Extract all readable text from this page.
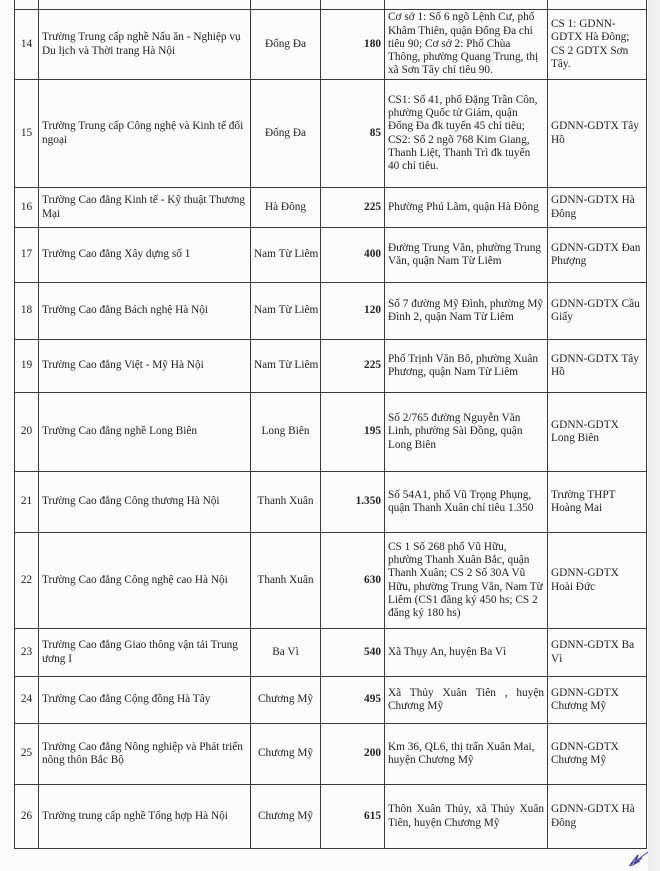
14	Trường Trung cấp nghề Nấu ăn - Nghiệp vụ Du lịch và Thời trang Hà Nội	Đống Đa	180	Cơ sở 1: Số 6 ngõ Lệnh Cư, phố Khâm Thiên, quận Đống Đa chỉ tiêu 90; Cơ sở 2: Phố Chùa Thông, phường Quang Trung, thị xã Sơn Tây chỉ tiêu 90.	CS 1: GDNN-GDTX Hà Đông; CS 2 GDTX Sơn Tây.
15	Trường Trung cấp Công nghệ và Kinh tế đối ngoại	Đống Đa	85	CS1: Số 41, phố Đặng Trần Côn, phường Quốc tử Giám, quận Đống Đa đk tuyển 45 chỉ tiêu; CS2: Số 2 ngõ 768 Kim Giang, Thanh Liệt, Thanh Trì đk tuyển 40 chỉ tiêu.	GDNN-GDTX Tây Hồ
16	Trường Cao đẳng Kinh tế - Kỹ thuật Thương Mại	Hà Đông	225	Phường Phú Lãm, quận Hà Đông	GDNN-GDTX Hà Đông
17	Trường Cao đẳng Xây dựng số 1	Nam Từ Liêm	400	Đường Trung Văn, phường Trung Văn, quận Nam Từ Liêm	GDNN-GDTX Đan Phượng
18	Trường Cao đẳng Bách nghệ Hà Nội	Nam Từ Liêm	120	Số 7 đường Mỹ Đình, phường Mỹ Đình 2, quận Nam Từ Liêm	GDNN-GDTX Cầu Giấy
19	Trường Cao đẳng Việt - Mỹ Hà Nội	Nam Từ Liêm	225	Phố Trịnh Văn Bô, phường Xuân Phương, quận Nam Từ Liêm	GDNN-GDTX Tây Hồ
20	Trường Cao đẳng nghề Long Biên	Long Biên	195	Số 2/765 đường Nguyễn Văn Linh, phường Sài Đồng, quận Long Biên	GDNN-GDTX Long Biên
21	Trường Cao đẳng Công thương Hà Nội	Thanh Xuân	1.350	Số 54A1, phố Vũ Trọng Phụng, quận Thanh Xuân chỉ tiêu 1.350	Trường THPT Hoàng Mai
22	Trường Cao đẳng Công nghệ cao Hà Nội	Thanh Xuân	630	CS 1 Số 268 phố Vũ Hữu, phường Thanh Xuân Bắc, quận Thanh Xuân; CS 2 Số 30A Vũ Hữu, phường Trung Văn, Nam Từ Liêm (CS1 đăng ký 450 hs; CS 2 đăng ký 180 hs)	GDNN-GDTX Hoài Đức
23	Trường Cao đẳng Giao thông vận tải Trung ương I	Ba Vì	540	Xã Thụy An, huyện Ba Vì	GDNN-GDTX Ba Vì
24	Trường Cao đẳng Cộng đồng Hà Tây	Chương Mỹ	495	Xã Thủy Xuân Tiên , huyện Chương Mỹ	GDNN-GDTX Chương Mỹ
25	Trường Cao đẳng Nông nghiệp và Phát triển nông thôn Bắc Bộ	Chương Mỹ	200	Km 36, QL6, thị trấn Xuân Mai, huyện Chương Mỹ	GDNN-GDTX Chương Mỹ
26	Trường trung cấp nghề Tổng hợp Hà Nội	Chương Mỹ	615	Thôn Xuân Thủy, xã Thủy Xuân Tiên, huyện Chương Mỹ	GDNN-GDTX Hà Đông
